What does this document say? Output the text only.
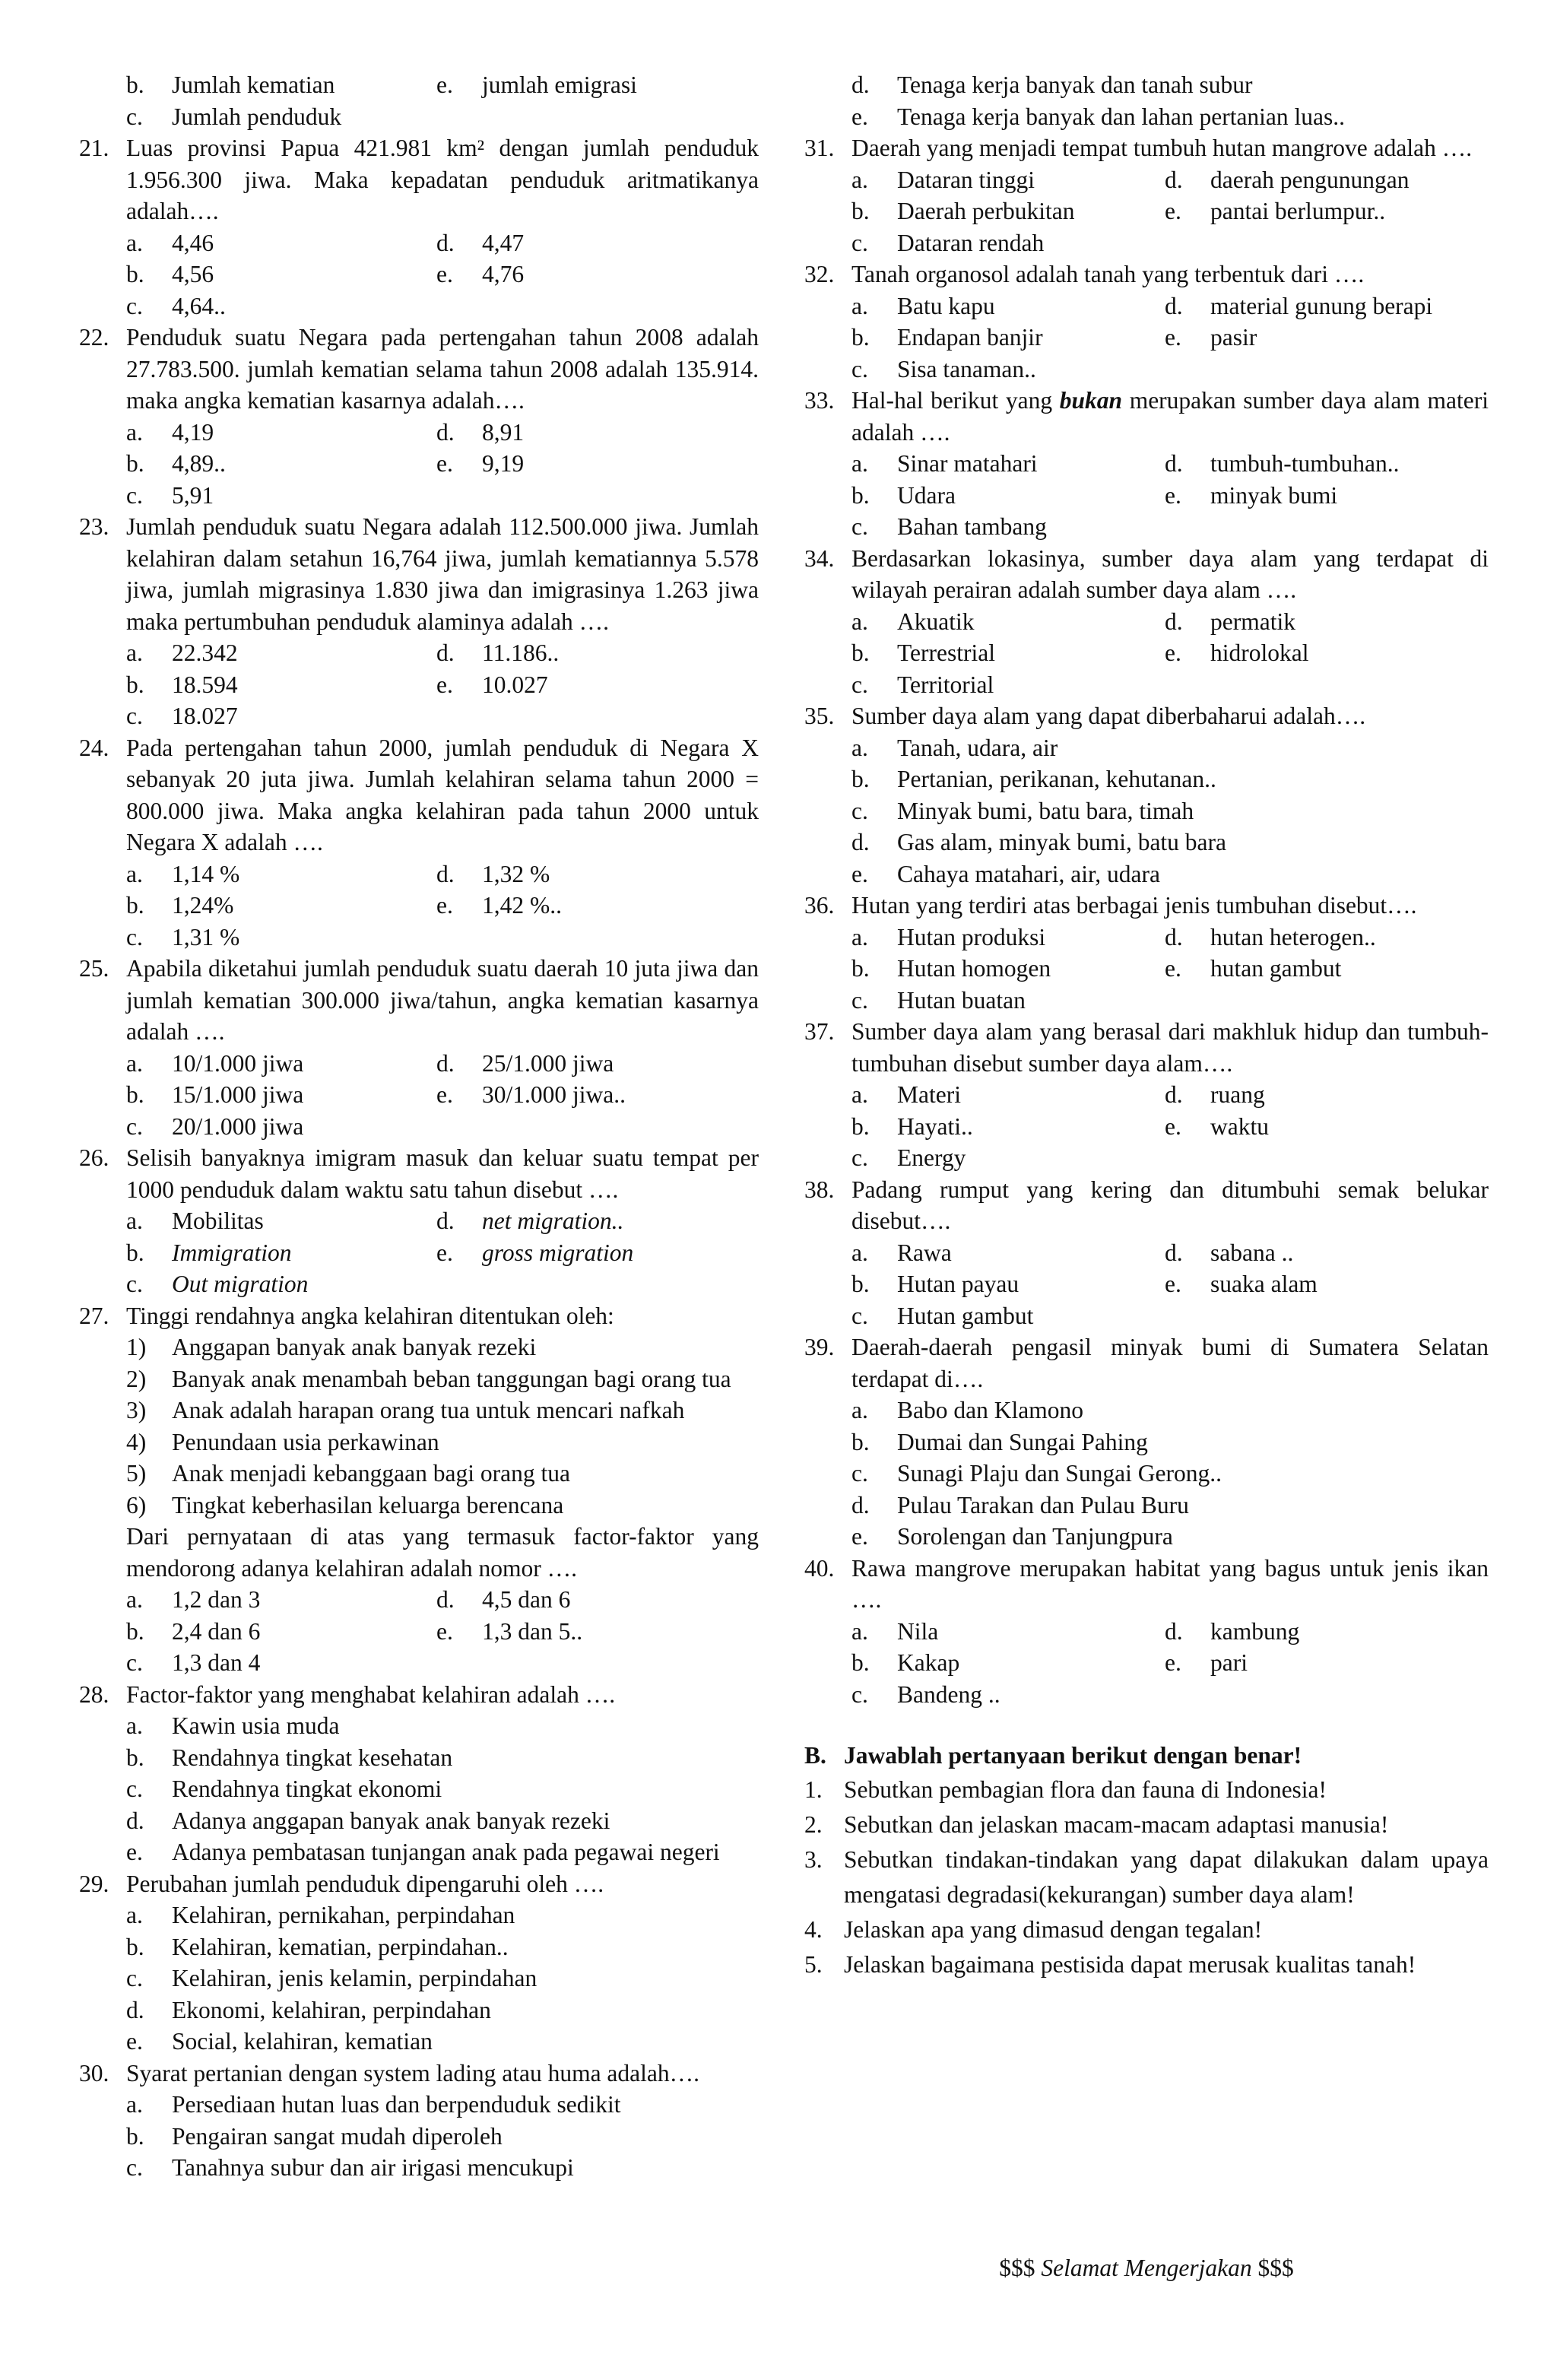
b.	Jumlah kematian	e.	jumlah emigrasi
c.	Jumlah penduduk
21. Luas provinsi Papua 421.981 km² dengan jumlah penduduk 1.956.300 jiwa. Maka kepadatan penduduk aritmatikanya adalah….
a.	4,46	d.	4,47
b.	4,56	e.	4,76
c.	4,64..
22. Penduduk suatu Negara pada pertengahan tahun 2008 adalah 27.783.500. jumlah kematian selama tahun 2008 adalah 135.914. maka angka kematian kasarnya adalah….
a.	4,19	d.	8,91
b.	4,89..	e.	9,19
c.	5,91
23. Jumlah penduduk suatu Negara adalah 112.500.000 jiwa. Jumlah kelahiran dalam setahun 16,764 jiwa, jumlah kematiannya 5.578 jiwa, jumlah migrasinya 1.830 jiwa dan imigrasinya 1.263 jiwa maka pertumbuhan penduduk alaminya adalah ….
a.	22.342	d.	11.186..
b.	18.594	e.	10.027
c.	18.027
24. Pada pertengahan tahun 2000, jumlah penduduk di Negara X sebanyak 20 juta jiwa. Jumlah kelahiran selama tahun 2000 = 800.000 jiwa. Maka angka kelahiran pada tahun 2000 untuk Negara X adalah ….
a.	1,14 %	d.	1,32 %
b.	1,24%	e.	1,42 %..
c.	1,31 %
25. Apabila diketahui jumlah penduduk suatu daerah 10 juta jiwa dan jumlah kematian 300.000 jiwa/tahun, angka kematian kasarnya adalah ….
a.	10/1.000 jiwa	d.	25/1.000 jiwa
b.	15/1.000 jiwa	e.	30/1.000 jiwa..
c.	20/1.000 jiwa
26. Selisih banyaknya imigram masuk dan keluar suatu tempat per 1000 penduduk dalam waktu satu tahun disebut ….
a.	Mobilitas	d.	net migration..
b.	Immigration	e.	gross migration
c.	Out migration
27. Tinggi rendahnya angka kelahiran ditentukan oleh:
1)	Anggapan banyak anak banyak rezeki
2)	Banyak anak menambah beban tanggungan bagi orang tua
3)	Anak adalah harapan orang tua untuk mencari nafkah
4)	Penundaan usia perkawinan
5)	Anak menjadi kebanggaan bagi orang tua
6)	Tingkat keberhasilan keluarga berencana
Dari pernyataan di atas yang termasuk factor-faktor yang mendorong adanya kelahiran adalah nomor ….
a.	1,2 dan 3	d.	4,5 dan 6
b.	2,4 dan 6	e.	1,3 dan 5..
c.	1,3 dan 4
28. Factor-faktor yang menghabat kelahiran adalah ….
a.	Kawin usia muda
b.	Rendahnya tingkat kesehatan
c.	Rendahnya tingkat ekonomi
d.	Adanya anggapan banyak anak banyak rezeki
e.	Adanya pembatasan tunjangan anak pada pegawai negeri
29. Perubahan jumlah penduduk dipengaruhi oleh ….
a.	Kelahiran, pernikahan, perpindahan
b.	Kelahiran, kematian, perpindahan..
c.	Kelahiran, jenis kelamin, perpindahan
d.	Ekonomi, kelahiran, perpindahan
e.	Social, kelahiran, kematian
30. Syarat pertanian dengan system lading atau huma adalah….
a.	Persediaan hutan luas dan berpenduduk sedikit
b.	Pengairan sangat mudah diperoleh
c.	Tanahnya subur dan air irigasi mencukupi
d.	Tenaga kerja banyak dan tanah subur
e.	Tenaga kerja banyak dan lahan pertanian luas..
31. Daerah yang menjadi tempat tumbuh hutan mangrove adalah ….
a.	Dataran tinggi	d.	daerah pengunungan
b.	Daerah perbukitan	e.	pantai berlumpur..
c.	Dataran rendah
32. Tanah organosol adalah tanah yang terbentuk dari ….
a.	Batu kapu	d.	material gunung berapi
b.	Endapan banjir	e.	pasir
c.	Sisa tanaman..
33. Hal-hal berikut yang bukan merupakan sumber daya alam materi adalah ….
a.	Sinar matahari	d.	tumbuh-tumbuhan..
b.	Udara	e.	minyak bumi
c.	Bahan tambang
34. Berdasarkan lokasinya, sumber daya alam yang terdapat di wilayah perairan adalah sumber daya alam ….
a.	Akuatik	d.	permatik
b.	Terrestrial	e.	hidrolokal
c.	Territorial
35. Sumber daya alam yang dapat diberbaharui adalah….
a.	Tanah, udara, air
b.	Pertanian, perikanan, kehutanan..
c.	Minyak bumi, batu bara, timah
d.	Gas alam, minyak bumi, batu bara
e.	Cahaya matahari, air, udara
36. Hutan yang terdiri atas berbagai jenis tumbuhan disebut….
a.	Hutan produksi	d.	hutan heterogen..
b.	Hutan homogen	e.	hutan gambut
c.	Hutan buatan
37. Sumber daya alam yang berasal dari makhluk hidup dan tumbuh-tumbuhan disebut sumber daya alam….
a.	Materi	d.	ruang
b.	Hayati..	e.	waktu
c.	Energy
38. Padang rumput yang kering dan ditumbuhi semak belukar disebut….
a.	Rawa	d.	sabana ..
b.	Hutan payau	e.	suaka alam
c.	Hutan gambut
39. Daerah-daerah pengasil minyak bumi di Sumatera Selatan terdapat di….
a.	Babo dan Klamono
b.	Dumai dan Sungai Pahing
c.	Sunagi Plaju dan Sungai Gerong..
d.	Pulau Tarakan dan Pulau Buru
e.	Sorolengan dan Tanjungpura
40. Rawa mangrove merupakan habitat yang bagus untuk jenis ikan ….
a.	Nila	d.	kambung
b.	Kakap	e.	pari
c.	Bandeng ..
B. Jawablah pertanyaan berikut dengan benar!
1. Sebutkan pembagian flora dan fauna di Indonesia!
2. Sebutkan dan jelaskan macam-macam adaptasi manusia!
3. Sebutkan tindakan-tindakan yang dapat dilakukan dalam upaya mengatasi degradasi(kekurangan) sumber daya alam!
4. Jelaskan apa yang dimasud dengan tegalan!
5. Jelaskan bagaimana pestisida dapat merusak kualitas tanah!
$$$ Selamat Mengerjakan $$$
